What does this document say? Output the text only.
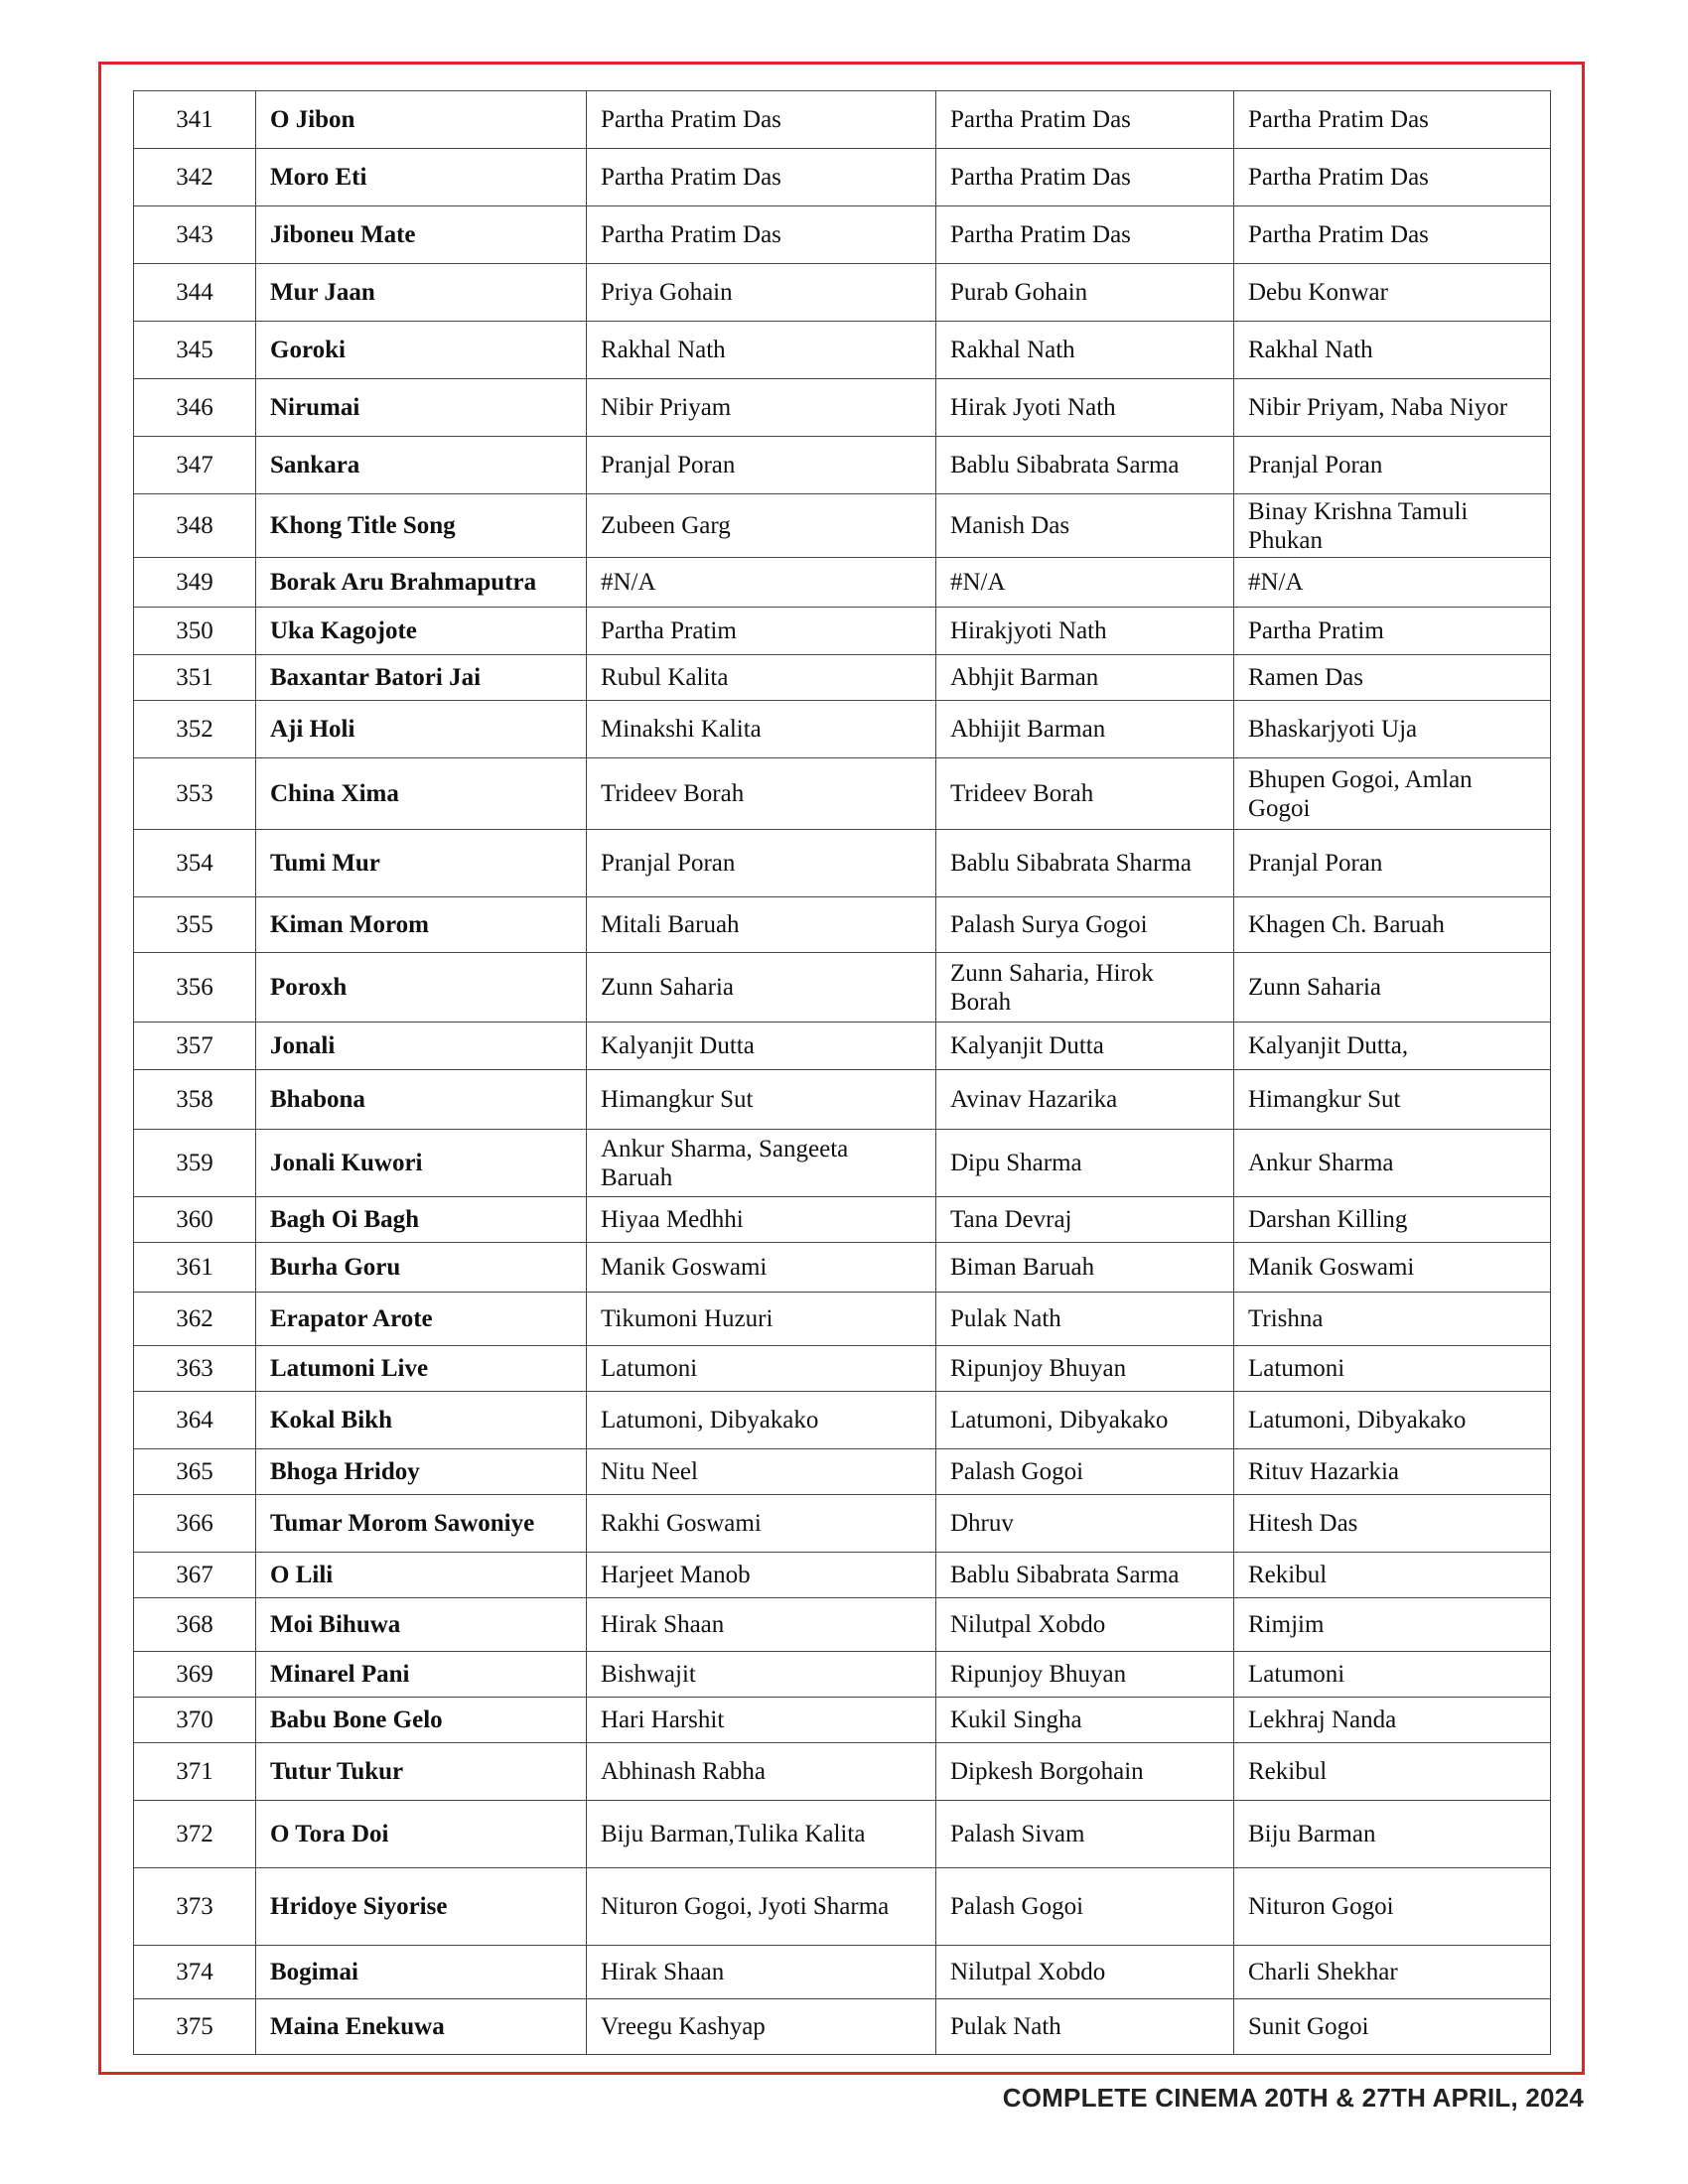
341	O Jibon	Partha Pratim Das	Partha Pratim Das	Partha Pratim Das
342	Moro Eti	Partha Pratim Das	Partha Pratim Das	Partha Pratim Das
343	Jiboneu Mate	Partha Pratim Das	Partha Pratim Das	Partha Pratim Das
344	Mur Jaan	Priya Gohain	Purab Gohain	Debu Konwar
345	Goroki	Rakhal Nath	Rakhal Nath	Rakhal Nath
346	Nirumai	Nibir Priyam	Hirak Jyoti Nath	Nibir Priyam, Naba Niyor
347	Sankara	Pranjal Poran	Bablu Sibabrata Sarma	Pranjal Poran
348	Khong Title Song	Zubeen Garg	Manish Das	Binay Krishna Tamuli Phukan
349	Borak Aru Brahmaputra	#N/A	#N/A	#N/A
350	Uka Kagojote	Partha Pratim	Hirakjyoti Nath	Partha Pratim
351	Baxantar Batori Jai	Rubul Kalita	Abhjit Barman	Ramen Das
352	Aji Holi	Minakshi Kalita	Abhijit Barman	Bhaskarjyoti Uja
353	China Xima	Trideev Borah	Trideev Borah	Bhupen Gogoi, Amlan Gogoi
354	Tumi Mur	Pranjal Poran	Bablu Sibabrata Sharma	Pranjal Poran
355	Kiman Morom	Mitali Baruah	Palash Surya Gogoi	Khagen Ch. Baruah
356	Poroxh	Zunn Saharia	Zunn Saharia, Hirok Borah	Zunn Saharia
357	Jonali	Kalyanjit Dutta	Kalyanjit Dutta	Kalyanjit Dutta,
358	Bhabona	Himangkur Sut	Avinav Hazarika	Himangkur Sut
359	Jonali Kuwori	Ankur Sharma, Sangeeta Baruah	Dipu Sharma	Ankur Sharma
360	Bagh Oi Bagh	Hiyaa Medhhi	Tana Devraj	Darshan Killing
361	Burha Goru	Manik Goswami	Biman Baruah	Manik Goswami
362	Erapator Arote	Tikumoni Huzuri	Pulak Nath	Trishna
363	Latumoni Live	Latumoni	Ripunjoy Bhuyan	Latumoni
364	Kokal Bikh	Latumoni, Dibyakako	Latumoni, Dibyakako	Latumoni, Dibyakako
365	Bhoga Hridoy	Nitu Neel	Palash Gogoi	Rituv Hazarkia
366	Tumar Morom Sawoniye	Rakhi Goswami	Dhruv	Hitesh Das
367	O Lili	Harjeet Manob	Bablu Sibabrata Sarma	Rekibul
368	Moi Bihuwa	Hirak Shaan	Nilutpal Xobdo	Rimjim
369	Minarel Pani	Bishwajit	Ripunjoy Bhuyan	Latumoni
370	Babu Bone Gelo	Hari Harshit	Kukil Singha	Lekhraj Nanda
371	Tutur Tukur	Abhinash Rabha	Dipkesh Borgohain	Rekibul
372	O Tora Doi	Biju Barman,Tulika Kalita	Palash Sivam	Biju Barman
373	Hridoye Siyorise	Nituron Gogoi, Jyoti Sharma	Palash Gogoi	Nituron Gogoi
374	Bogimai	Hirak Shaan	Nilutpal Xobdo	Charli Shekhar
375	Maina Enekuwa	Vreegu Kashyap	Pulak Nath	Sunit Gogoi
COMPLETE CINEMA 20TH & 27TH APRIL, 2024
